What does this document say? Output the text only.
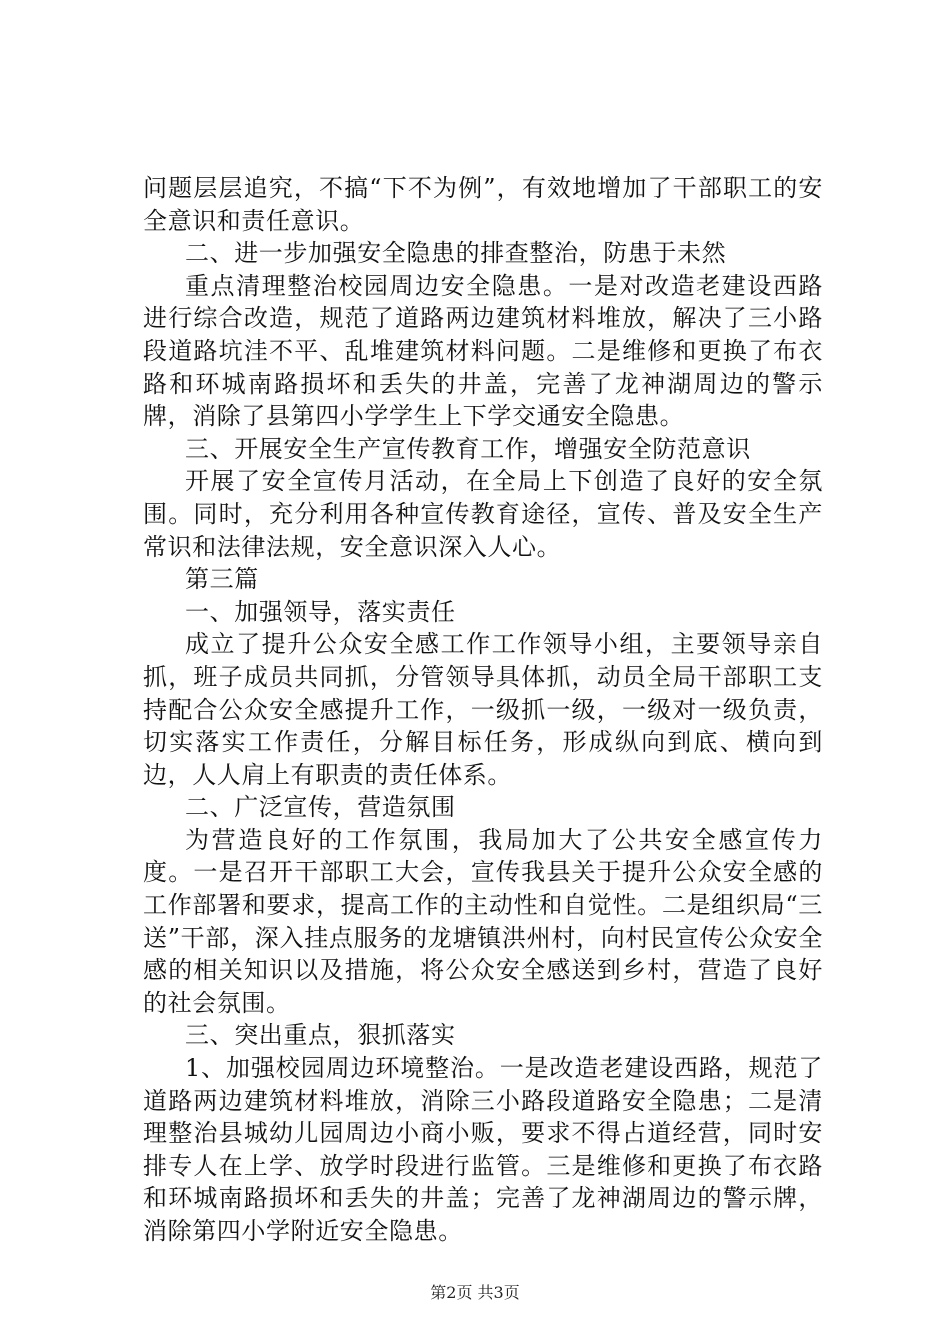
问题层层追究，不搞“下不为例”，有效地增加了干部职工的安全意识和责任意识。

二、进一步加强安全隐患的排查整治，防患于未然

重点清理整治校园周边安全隐患。一是对改造老建设西路进行综合改造，规范了道路两边建筑材料堆放，解决了三小路段道路坑洼不平、乱堆建筑材料问题。二是维修和更换了布衣路和环城南路损坏和丢失的井盖，完善了龙神湖周边的警示牌，消除了县第四小学学生上下学交通安全隐患。

三、开展安全生产宣传教育工作，增强安全防范意识

开展了安全宣传月活动，在全局上下创造了良好的安全氛围。同时，充分利用各种宣传教育途径，宣传、普及安全生产常识和法律法规，安全意识深入人心。

第三篇

一、加强领导，落实责任

成立了提升公众安全感工作工作领导小组，主要领导亲自抓，班子成员共同抓，分管领导具体抓，动员全局干部职工支持配合公众安全感提升工作，一级抓一级，一级对一级负责，切实落实工作责任，分解目标任务，形成纵向到底、横向到边，人人肩上有职责的责任体系。

二、广泛宣传，营造氛围

为营造良好的工作氛围，我局加大了公共安全感宣传力度。一是召开干部职工大会，宣传我县关于提升公众安全感的工作部署和要求，提高工作的主动性和自觉性。二是组织局“三送”干部，深入挂点服务的龙塘镇洪州村，向村民宣传公众安全感的相关知识以及措施，将公众安全感送到乡村，营造了良好的社会氛围。

三、突出重点，狠抓落实

1、加强校园周边环境整治。一是改造老建设西路，规范了道路两边建筑材料堆放，消除三小路段道路安全隐患；二是清理整治县城幼儿园周边小商小贩，要求不得占道经营，同时安排专人在上学、放学时段进行监管。三是维修和更换了布衣路和环城南路损坏和丢失的井盖；完善了龙神湖周边的警示牌，消除第四小学附近安全隐患。

第2页 共3页
